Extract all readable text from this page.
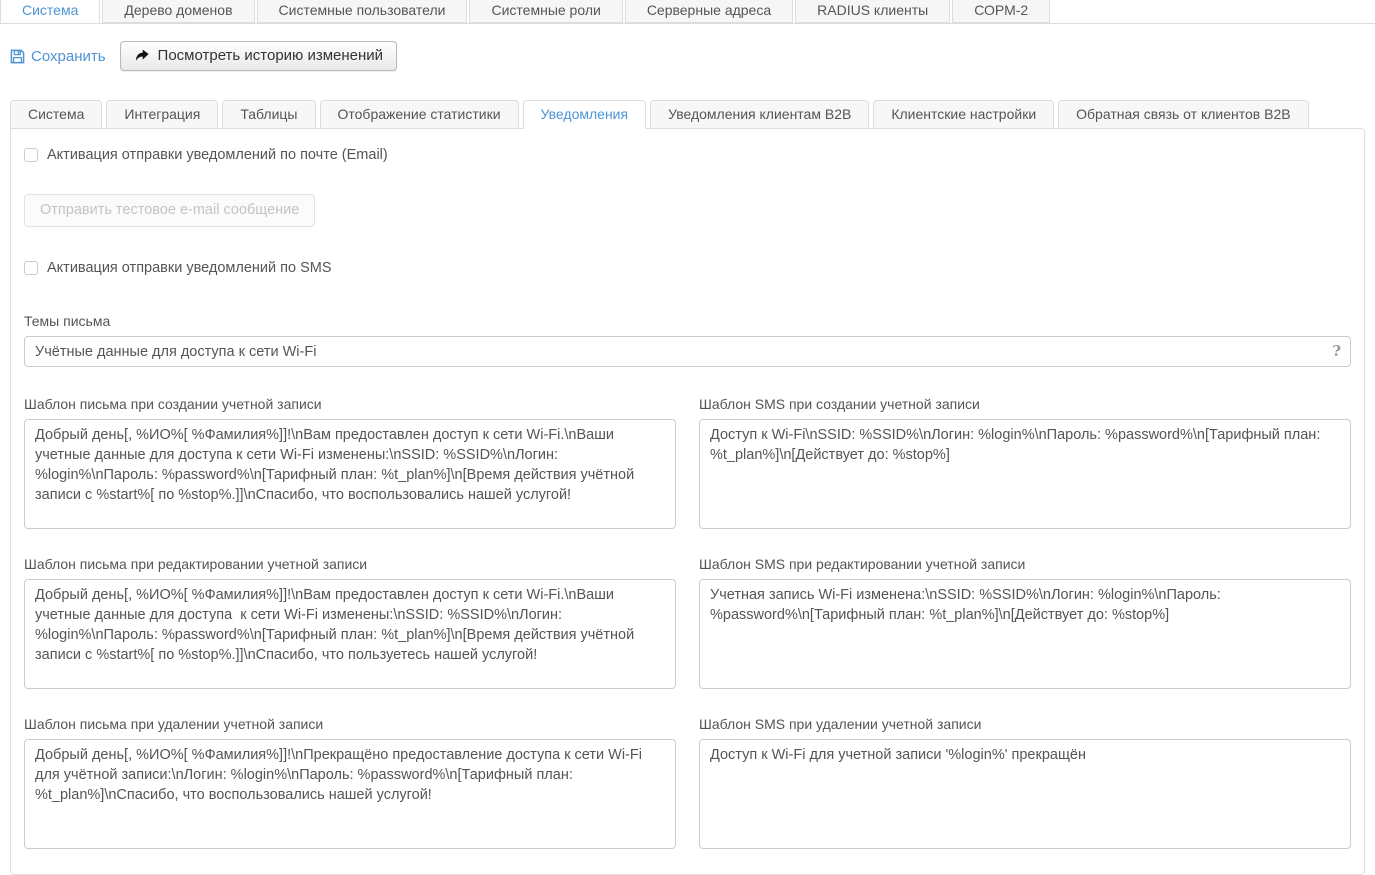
Система	Дерево доменов	Системные пользователи	Системные роли	Серверные адреса	RADIUS клиенты	СОРМ-2
Сохранить	Посмотреть историю изменений
Система	Интеграция	Таблицы	Отображение статистики	Уведомления	Уведомления клиентам B2B	Клиентские настройки	Обратная связь от клиентов B2B
Активация отправки уведомлений по почте (Email)
Отправить тестовое e-mail сообщение
Активация отправки уведомлений по SMS
Темы письма
Учётные данные для доступа к сети Wi-Fi
?
Шаблон письма при создании учетной записи
Добрый день[, %ИО%[ %Фамилия%]]!\nВам предоставлен доступ к сети Wi-Fi.\nВаши учетные данные для доступа к сети Wi-Fi изменены:\nSSID: %SSID%\nЛогин: %login%\nПароль: %password%\n[Тарифный план: %t_plan%]\n[Время действия учётной записи с %start%[ по %stop%.]]\nСпасибо, что воспользовались нашей услугой!	Шаблон SMS при создании учетной записи
Доступ к Wi-Fi\nSSID: %SSID%\nЛогин: %login%\nПароль: %password%\n[Тарифный план: %t_plan%]\n[Действует до: %stop%]
Шаблон письма при редактировании учетной записи
Добрый день[, %ИО%[ %Фамилия%]]!\nВам предоставлен доступ к сети Wi-Fi.\nВаши учетные данные для доступа к сети Wi-Fi изменены:\nSSID: %SSID%\nЛогин: %login%\nПароль: %password%\n[Тарифный план: %t_plan%]\n[Время действия учётной записи с %start%[ по %stop%.]]\nСпасибо, что пользуетесь нашей услугой!	Шаблон SMS при редактировании учетной записи
Учетная запись Wi-Fi изменена:\nSSID: %SSID%\nЛогин: %login%\nПароль: %password%\n[Тарифный план: %t_plan%]\n[Действует до: %stop%]
Шаблон письма при удалении учетной записи
Добрый день[, %ИО%[ %Фамилия%]]!\nПрекращёно предоставление доступа к сети Wi-Fi для учётной записи:\nЛогин: %login%\nПароль: %password%\n[Тарифный план: %t_plan%]\nСпасибо, что воспользовались нашей услугой!	Шаблон SMS при удалении учетной записи
Доступ к Wi-Fi для учетной записи '%login%' прекращён
